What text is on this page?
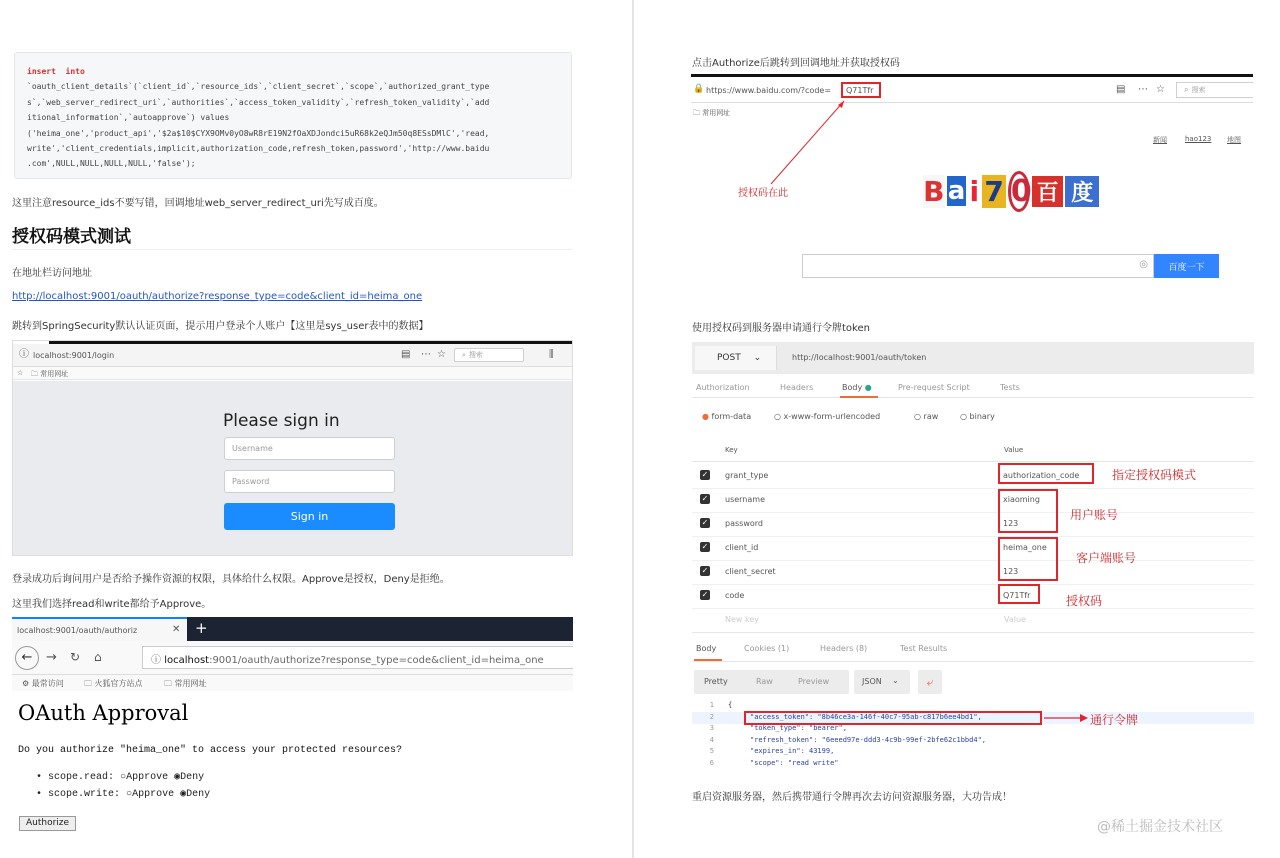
insert  into
`oauth_client_details`(`client_id`,`resource_ids`,`client_secret`,`scope`,`authorized_grant_type
s`,`web_server_redirect_uri`,`authorities`,`access_token_validity`,`refresh_token_validity`,`add
itional_information`,`autoapprove`) values
('heima_one','product_api','$2a$10$CYX9OMv0yO8wR8rE19N2fOaXDJondci5uR68k2eQJm50q8ESsDMlC','read,
write','client_credentials,implicit,authorization_code,refresh_token,password','http://www.baidu
.com',NULL,NULL,NULL,NULL,'false');
这里注意resource_ids不要写错，回调地址web_server_redirect_uri先写成百度。
授权码模式测试
在地址栏访问地址
http://localhost:9001/oauth/authorize?response_type=code&client_id=heima_one
跳转到SpringSecurity默认认证页面，提示用户登录个人账户【这里是sys_user表中的数据】
ⓘ localhost:9001/login	▤ ⋯ ☆ ⌕ 搜索	⫼
☆ 🗀 常用网址
Please sign in
Username
Password
Sign in
登录成功后询问用户是否给予操作资源的权限，具体给什么权限。Approve是授权，Deny是拒绝。
这里我们选择read和write都给予Approve。
localhost:9001/oauth/authoriz	✕ +
←	→ ↻ ⌂	ⓘ localhost:9001/oauth/authorize?response_type=code&client_id=heima_one
⚙ 最常访问	🗀 火狐官方站点	🗀 常用网址
OAuth Approval
Do you authorize "heima_one" to access your protected resources?
• scope.read: ○Approve ◉Deny
• scope.write: ○Approve ◉Deny
Authorize
点击Authorize后跳转到回调地址并获取授权码
🔒 https://www.baidu.com/?code=	Q71Tfr	▤ ⋯ ☆ ⌕ 搜索
🗀 常用网址
新闻	hao123 地图
授权码在此	B a i 7 0 百 度
◎	百度一下
使用授权码到服务器申请通行令牌token
POST ⌄	http://localhost:9001/oauth/token
Authorization	Headers	Body ●	Pre-request Script	Tests
● form-data	○ x-www-form-urlencoded	○ raw	○ binary
Key	Value
✓ grant_type	authorization_code
✓ username	xiaoming
✓ password	123
✓ client_id	heima_one
✓ client_secret	123
✓ code	Q71Tfr
New key	Value
指定授权码模式
用户账号
客户端账号
授权码
Body	Cookies (1)	Headers (8)	Test Results
Pretty	Raw	Preview	JSON ⌄	⤶
1 {
2	"access_token": "8b46ce3a-146f-40c7-95ab-c817b6ee4bd1",
3	"token_type": "bearer",
4	"refresh_token": "6eeed97e-ddd3-4c9b-99ef-2bfe62c1bbd4",
5	"expires_in": 43199,
6	"scope": "read write"
通行令牌
重启资源服务器，然后携带通行令牌再次去访问资源服务器，大功告成！
@稀土掘金技术社区
